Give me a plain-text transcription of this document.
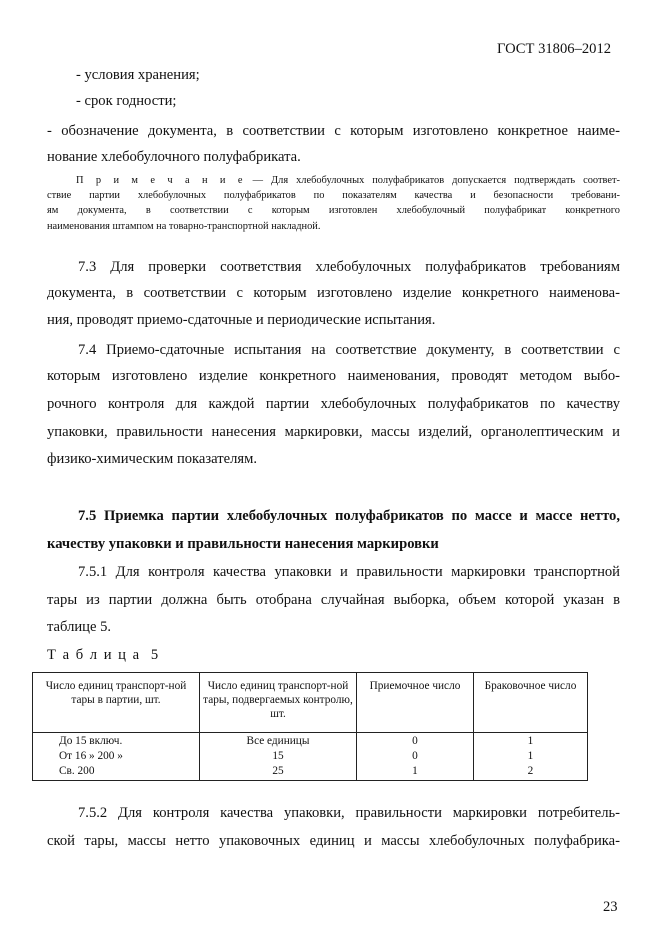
ГОСТ 31806–2012
- условия хранения;
- срок годности;
- обозначение документа, в соответствии с которым изготовлено конкретное наиме-
нование хлебобулочного полуфабриката.
П р и м е ч а н и е — Для хлебобулочных полуфабрикатов допускается подтверждать соответ-
ствие партии хлебобулочных полуфабрикатов по показателям качества и безопасности требовани-
ям документа, в соответствии с которым изготовлен хлебобулочный полуфабрикат конкретного
наименования штампом на товарно-транспортной накладной.
7.3 Для проверки соответствия хлебобулочных полуфабрикатов требованиям
документа, в соответствии с которым изготовлено изделие конкретного наименова-
ния, проводят приемо-сдаточные и периодические испытания.
7.4 Приемо-сдаточные испытания на соответствие документу, в соответствии с
которым изготовлено изделие конкретного наименования, проводят методом выбо-
рочного контроля для каждой партии хлебобулочных полуфабрикатов по качеству
упаковки, правильности нанесения маркировки, массы изделий, органолептическим и
физико-химическим показателям.
7.5 Приемка партии хлебобулочных полуфабрикатов по массе и массе нетто,
качеству упаковки и правильности нанесения маркировки
7.5.1 Для контроля качества упаковки и правильности маркировки транспортной
тары из партии должна быть отобрана случайная выборка, объем которой указан в
таблице 5.
Т а б л и ц а  5
Число единиц транспорт-ной тары в партии, шт.	Число единиц транспорт-ной тары, подвергаемых контролю, шт.	Приемочное число	Браковочное число
До 15 включ.	Все единицы	0	1
От 16 » 200 »	15	0	1
Св. 200	25	1	2
7.5.2 Для контроля качества упаковки, правильности маркировки потребитель-
ской тары, массы нетто упаковочных единиц и массы хлебобулочных полуфабрика-
23
